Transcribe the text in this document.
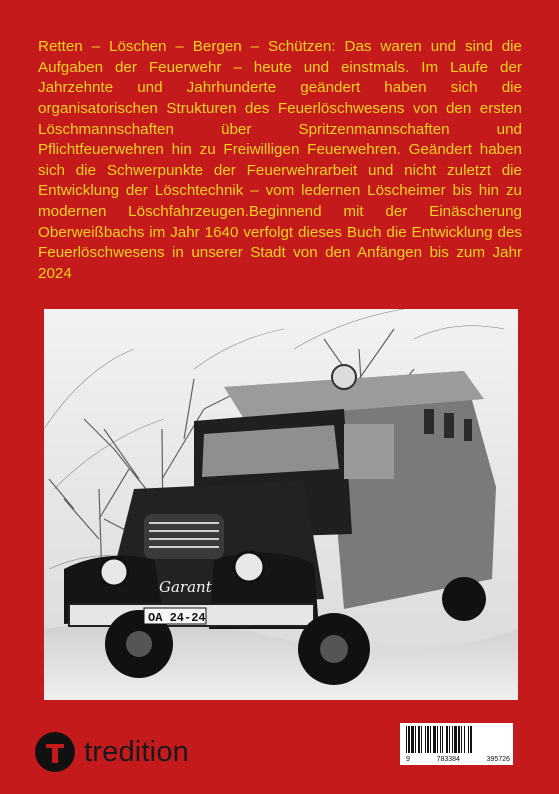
Retten – Löschen – Bergen – Schützen: Das waren und sind die Aufgaben der Feuerwehr – heute und einstmals. Im Laufe der Jahrzehnte und Jahrhunderte geändert haben sich die organisatorischen Strukturen des Feuerlöschwesens von den ersten Löschmannschaften über Spritzenmannschaften und Pflichtfeuerwehren hin zu Freiwilligen Feuerwehren. Geändert haben sich die Schwerpunkte der Feuerwehrarbeit und nicht zuletzt die Entwicklung der Löschtechnik – vom ledernen Löscheimer bis hin zu modernen Löschfahrzeugen.Beginnend mit der Einäscherung Oberweißbachs im Jahr 1640 verfolgt dieses Buch die Entwicklung des Feuerlöschwesens in unserer Stadt von den Anfängen bis zum Jahr 2024

Garant
OA 24-24
9	783384	395726
tredition
